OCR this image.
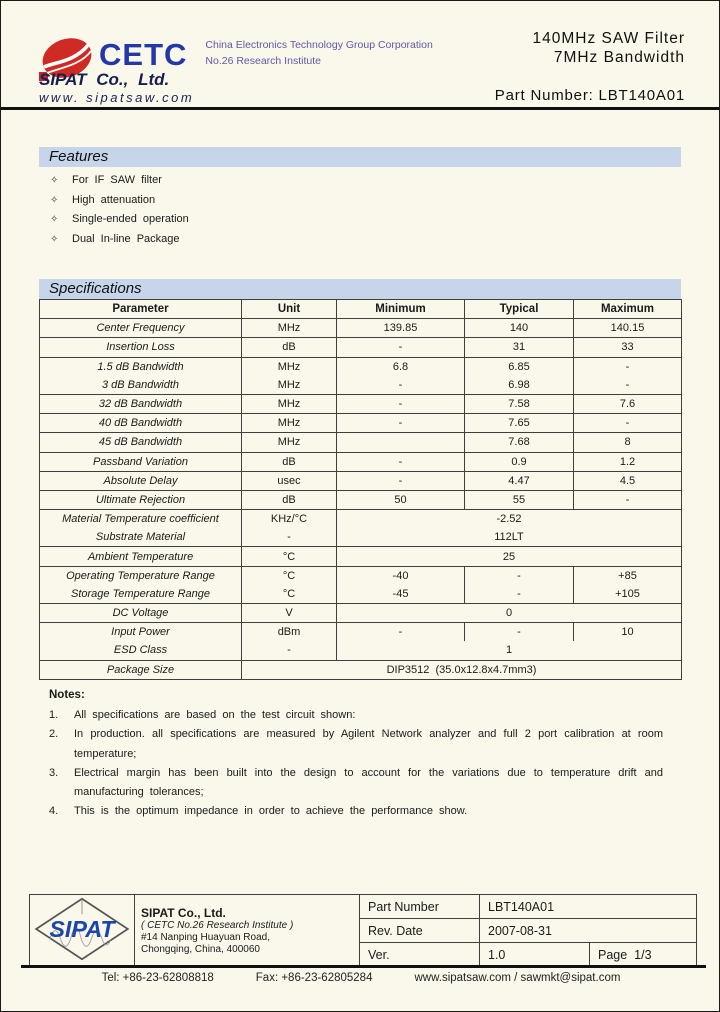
CETC China Electronics Technology Group Corporation
No.26 Research Institute
SIPAT Co., Ltd.
www. sipatsaw.com
140MHz SAW Filter
7MHz Bandwidth
Part Number: LBT140A01
Features
✧ For IF SAW filter
✧ High attenuation
✧ Single-ended operation
✧ Dual In-line Package
Specifications
Parameter	Unit	Minimum	Typical	Maximum
Center Frequency	MHz	139.85	140	140.15
Insertion Loss	dB	-	31	33
1.5 dB Bandwidth	MHz	6.8	6.85	-
3 dB Bandwidth	MHz	-	6.98	-
32 dB Bandwidth	MHz	-	7.58	7.6
40 dB Bandwidth	MHz	-	7.65	-
45 dB Bandwidth	MHz		7.68	8
Passband Variation	dB	-	0.9	1.2
Absolute Delay	usec	-	4.47	4.5
Ultimate Rejection	dB	50	55	-
Material Temperature coefficient	KHz/°C	-2.52		
Substrate Material	-	112LT		
Ambient Temperature	°C	25		
Operating Temperature Range	°C	-40	-	+85
Storage Temperature Range	°C	-45	-	+105
DC Voltage	V	0		
Input Power	dBm	-	-	10
ESD Class	-	1		
Package Size	DIP3512  (35.0x12.8x4.7mm3)			
Notes:
1.	All specifications are based on the test circuit shown:
2.	In production. all specifications are measured by Agilent Network analyzer and full 2 port calibration at room temperature;
3.	Electrical margin has been built into the design to account for the variations due to temperature drift and manufacturing tolerances;
4.	This is the optimum impedance in order to achieve the performance show.
SIPAT	SIPAT Co., Ltd.
( CETC No.26 Research Institute )
#14 Nanping Huayuan Road,
Chongqing, China, 400060	Part Number	LBT140A01	
		Rev. Date	2007-08-31	
		Ver.	1.0	Page 1/3
Tel: +86-23-62808818	Fax: +86-23-62805284	www.sipatsaw.com / sawmkt@sipat.com
